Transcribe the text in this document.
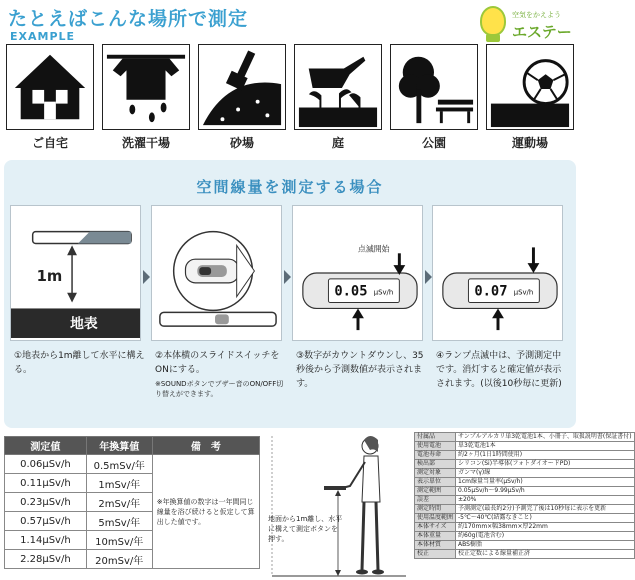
たとえばこんな場所で測定
EXAMPLE
空気をかえよう
エステー
ご自宅	洗濯干場	砂場	庭	公園	運動場
空間線量を測定する場合
1m
地表
①地表から1m離して水平に構える。
②本体横のスライドスイッチをONにする。
※SOUNDボタンでブザー音のON/OFF切り替えができます。
0.05 μSv/h
点滅開始
③数字がカウントダウンし、35秒後から予測数値が表示されます。
0.07 μSv/h
④ランプ点滅中は、予測測定中です。消灯すると確定値が表示されます。(以後10秒毎に更新)
測定値	年換算値	備　考
0.06μSv/h	0.5mSv/年	※年換算値の数字は一年間同じ線量を浴び続けると仮定して算出した値です。
0.11μSv/h	1mSv/年	
0.23μSv/h	2mSv/年	
0.57μSv/h	5mSv/年	
1.14μSv/h	10mSv/年	
2.28μSv/h	20mSv/年	
地面から1m離し、水平に構えて測定ボタンを押す。
付属品	サンプルアルカリ単3乾電池1本、小冊子、取扱説明書(保証書付)
使用電池	単3乾電池1本
電池寿命	約2ヶ月(1日1時間使用)
検出部	シリコン(Si)半導体(フォトダイオードPD)
測定対象	ガンマ(γ)線
表示単位	1cm線量当量率(μSv/h)
測定範囲	0.05μSv/h〜9.99μSv/h
誤差	±20%
測定時間	予測測定(最長約2分)予測完了後は10秒毎に表示を更新
使用温度範囲	-5℃〜40℃(結露なきこと)
本体サイズ	約170mm×幅38mm×厚22mm
本体重量	約60g(電池含む)
本体材質	ABS樹脂
校正	校正定数による線量補正済
